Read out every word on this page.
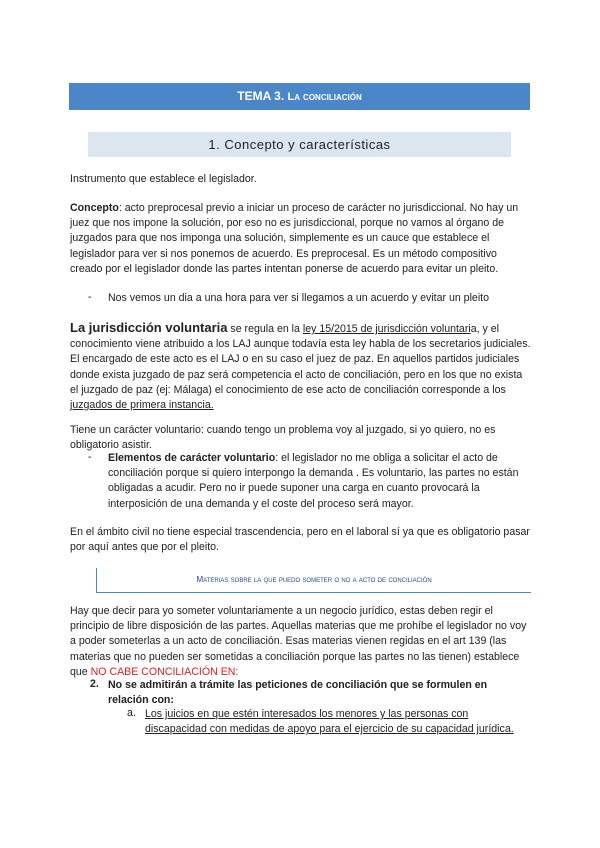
TEMA 3. La conciliación
1. Concepto y características
Instrumento que establece el legislador.
Concepto: acto preprocesal previo a iniciar un proceso de carácter no jurisdiccional. No hay un juez que nos impone la solución, por eso no es jurisdiccional, porque no vamos al órgano de juzgados para que nos imponga una solución, simplemente es un cauce que establece el legislador para ver si nos ponemos de acuerdo. Es preprocesal. Es un método compositivo creado por el legislador donde las partes intentan ponerse de acuerdo para evitar un pleito.
- Nos vemos un dia a una hora para ver si llegamos a un acuerdo y evitar un pleito
La jurisdicción voluntaria se regula en la ley 15/2015 de jurisdicción voluntaria, y el conocimiento viene atribuido a los LAJ aunque todavía esta ley habla de los secretarios judiciales. El encargado de este acto es el LAJ o en su caso el juez de paz. En aquellos partidos judiciales donde exista juzgado de paz será competencia el acto de conciliación, pero en los que no exista el juzgado de paz (ej: Málaga) el conocimiento de ese acto de conciliación corresponde a los juzgados de primera instancia.
Tiene un carácter voluntario: cuando tengo un problema voy al juzgado, si yo quiero, no es obligatorio asistir.
- Elementos de carácter voluntario: el legislador no me obliga a solicitar el acto de conciliación porque si quiero interpongo la demanda . Es voluntario, las partes no están obligadas a acudir. Pero no ir puede suponer una carga en cuanto provocará la interposición de una demanda y el coste del proceso será mayor.
En el ámbito civil no tiene especial trascendencia, pero en el laboral sí ya que es obligatorio pasar por aquí antes que por el pleito.
Materias sobre la que puedo someter o no a acto de conciliación
Hay que decir para yo someter voluntariamente a un negocio jurídico, estas deben regir el principio de libre disposición de las partes. Aquellas materias que me prohíbe el legislador no voy a poder someterlas a un acto de conciliación. Esas materias vienen regidas en el art 139 (las materias que no pueden ser sometidas a conciliación porque las partes no las tienen) establece que NO CABE CONCILIACIÓN EN:
2. No se admitirán a trámite las peticiones de conciliación que se formulen en relación con:
a. Los juicios en que estén interesados los menores y las personas con discapacidad con medidas de apoyo para el ejercicio de su capacidad jurídica.
